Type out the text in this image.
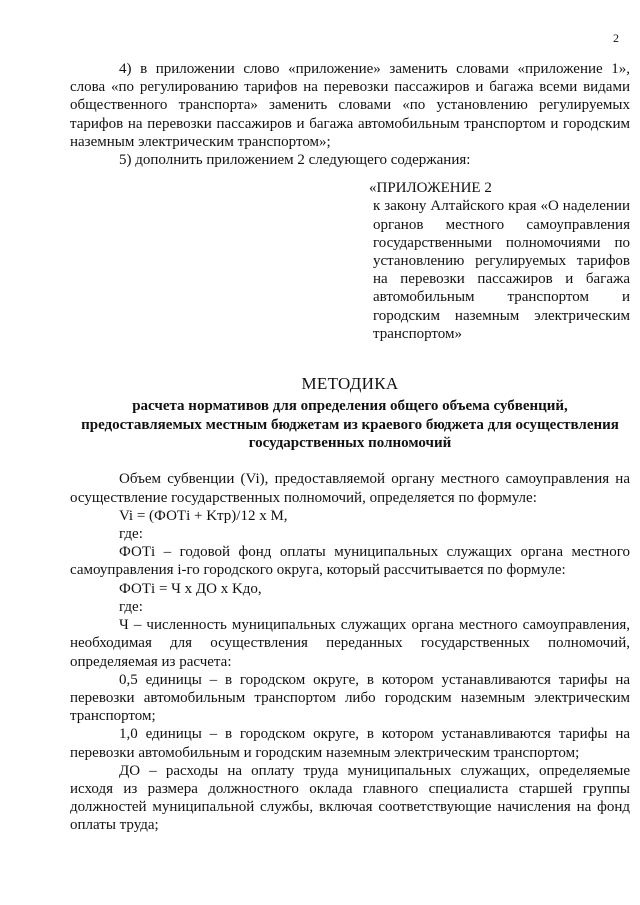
2

4) в приложении слово «приложение» заменить словами «приложение 1», слова «по регулированию тарифов на перевозки пассажиров и багажа всеми видами общественного транспорта» заменить словами «по установлению регулируемых тарифов на перевозки пассажиров и багажа автомобильным транспортом и городским наземным электрическим транспортом»;

5) дополнить приложением 2 следующего содержания:

«ПРИЛОЖЕНИЕ 2

к закону Алтайского края «О наделении органов местного самоуправления государственными полномочиями по установлению регулируемых тарифов на перевозки пассажиров и багажа автомобильным транспортом и городским наземным электрическим транспортом»

МЕТОДИКА

расчета нормативов для определения общего объема субвенций, предоставляемых местным бюджетам из краевого бюджета для осуществления государственных полномочий

Объем субвенции (Vi), предоставляемой органу местного самоуправления на осуществление государственных полномочий, определяется по формуле:

Vi = (ФОТi + Kтр)/12 x M,

где:

ФОТi – годовой фонд оплаты муниципальных служащих органа местного самоуправления i-го городского округа, который рассчитывается по формуле:

ФОТi = Ч x ДО x Kдо,

где:

Ч – численность муниципальных служащих органа местного самоуправления, необходимая для осуществления переданных государственных полномочий, определяемая из расчета:

0,5 единицы – в городском округе, в котором устанавливаются тарифы на перевозки автомобильным транспортом либо городским наземным электрическим транспортом;

1,0 единицы – в городском округе, в котором устанавливаются тарифы на перевозки автомобильным и городским наземным электрическим транспортом;

ДО – расходы на оплату труда муниципальных служащих, определяемые исходя из размера должностного оклада главного специалиста старшей группы должностей муниципальной службы, включая соответствующие начисления на фонд оплаты труда;
